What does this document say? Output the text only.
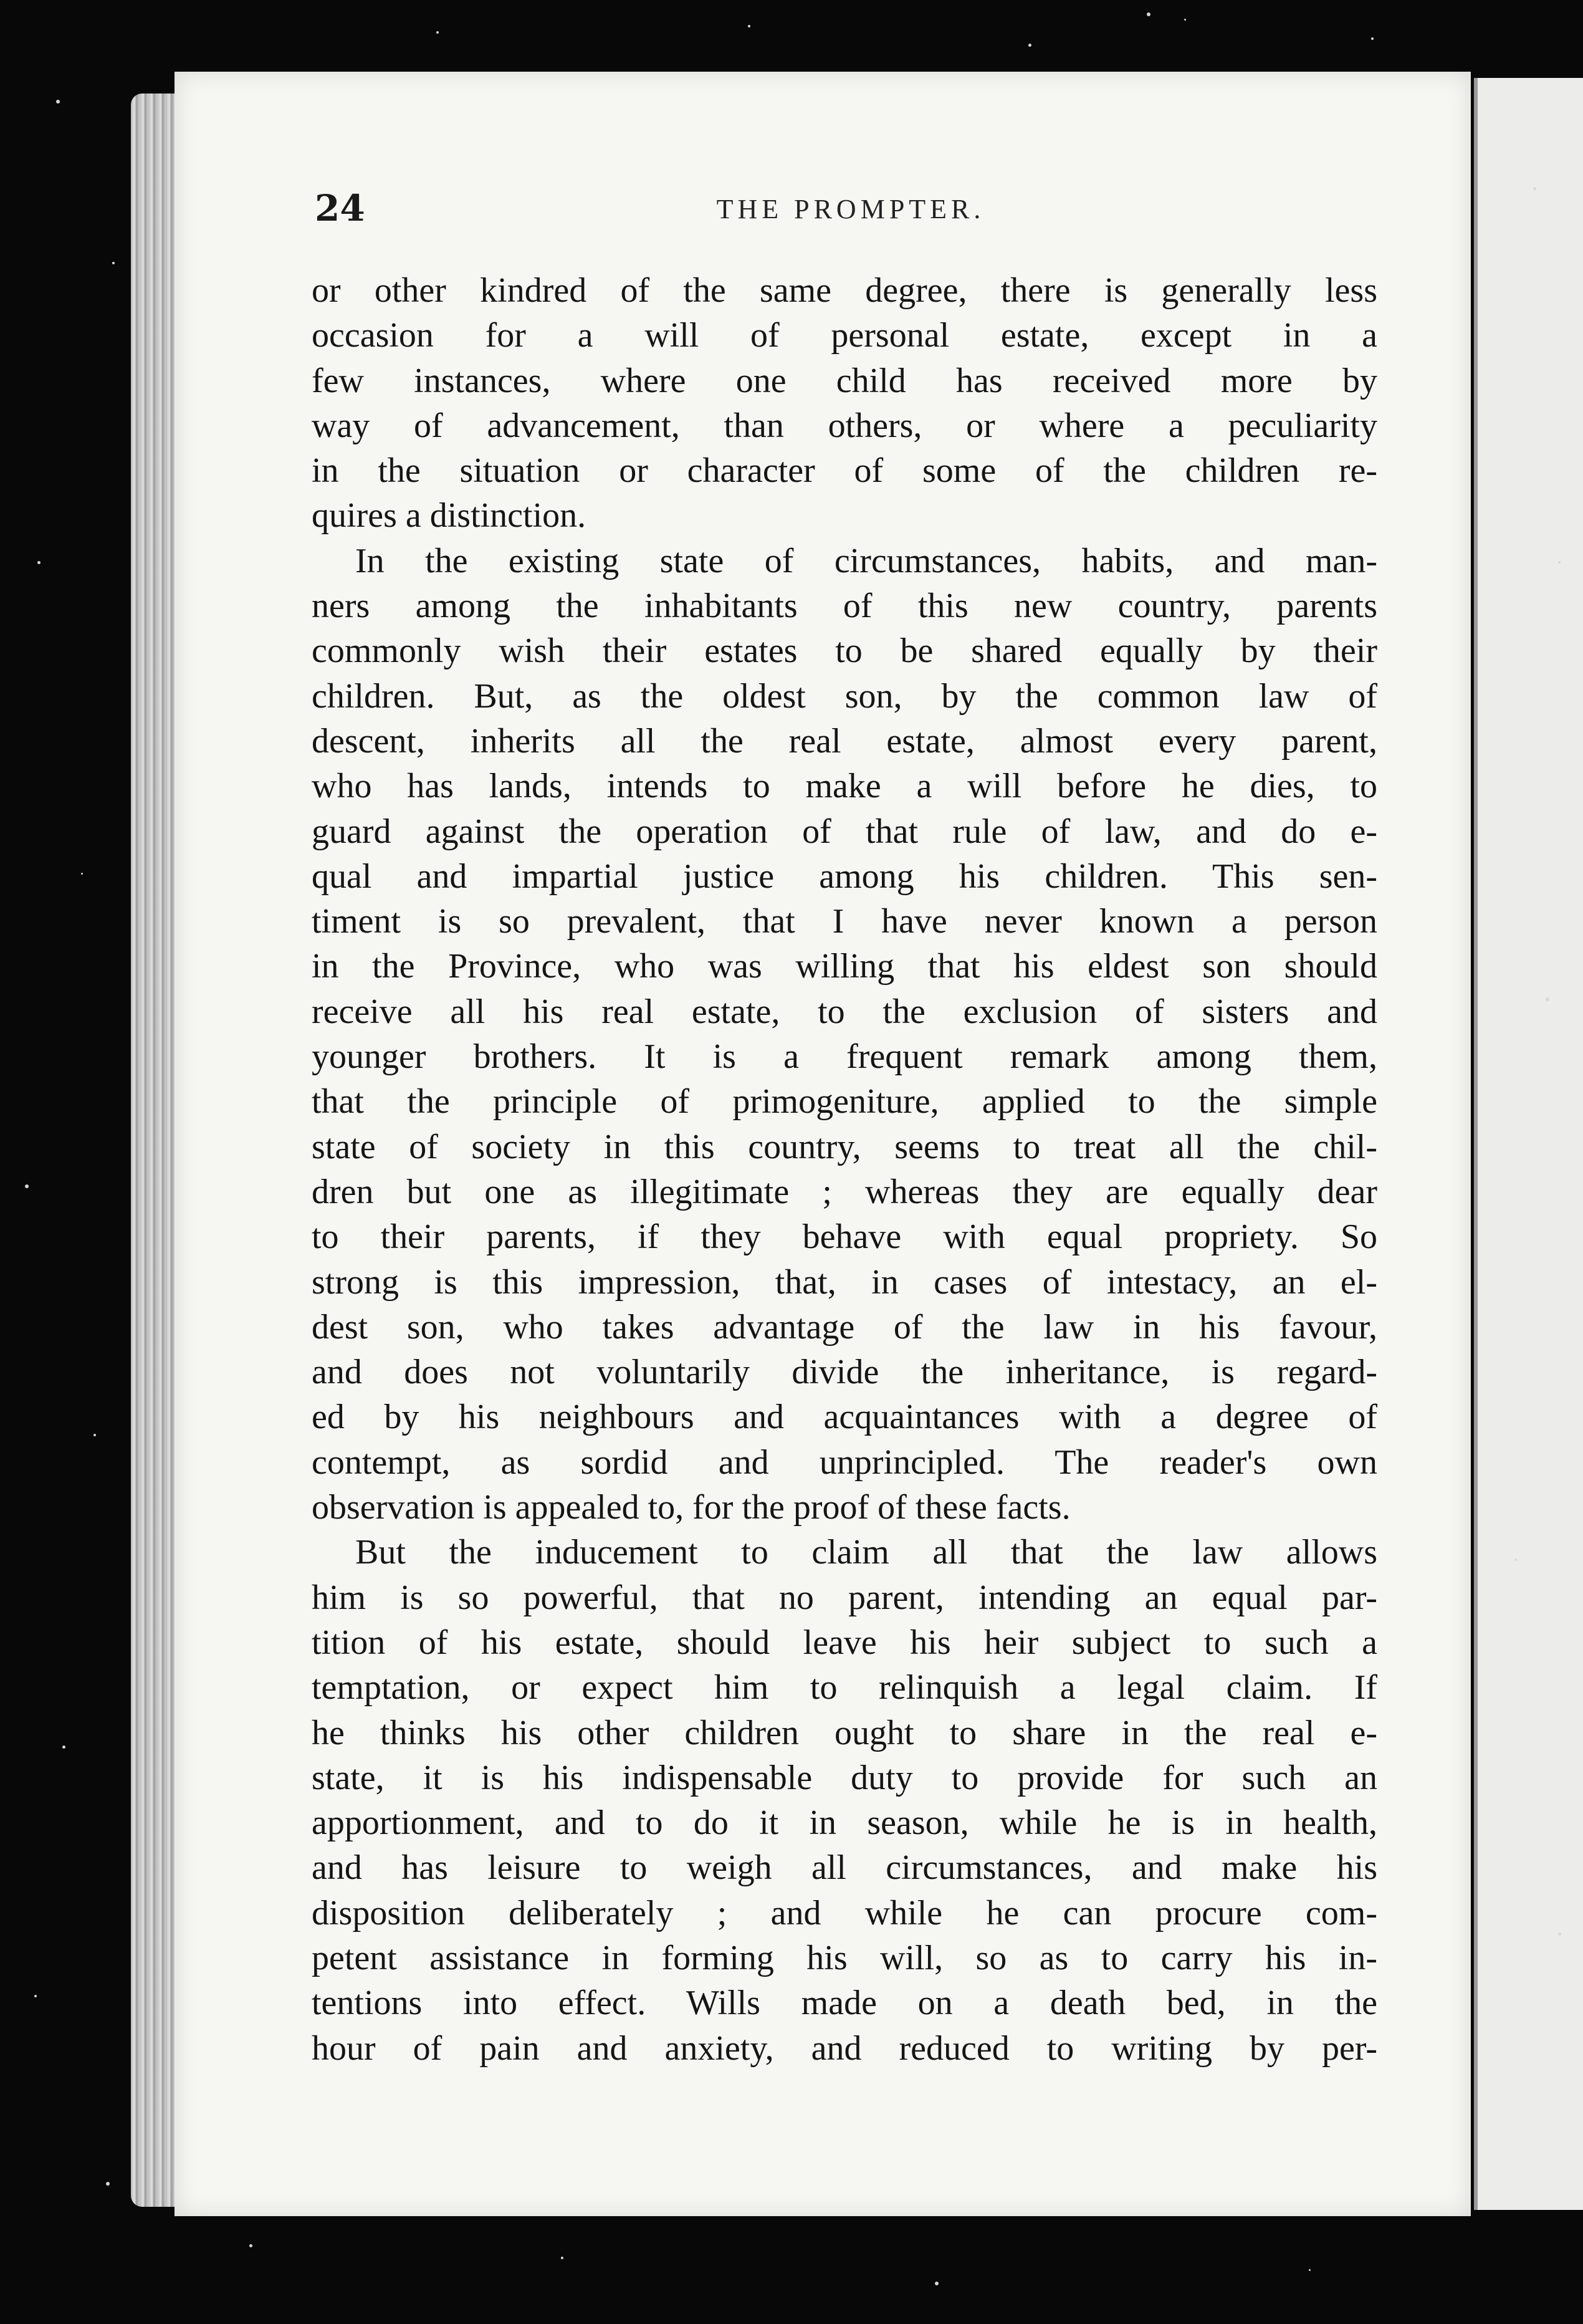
24	THE PROMPTER.
or other kindred of the same degree, there is generally less
occasion for a will of personal estate, except in a
few instances, where one child has received more by
way of advancement, than others, or where a peculiarity
in the situation or character of some of the children re-
quires a distinction.
In the existing state of circumstances, habits, and man-
ners among the inhabitants of this new country, parents
commonly wish their estates to be shared equally by their
children. But, as the oldest son, by the common law of
descent, inherits all the real estate, almost every parent,
who has lands, intends to make a will before he dies, to
guard against the operation of that rule of law, and do e-
qual and impartial justice among his children. This sen-
timent is so prevalent, that I have never known a person
in the Province, who was willing that his eldest son should
receive all his real estate, to the exclusion of sisters and
younger brothers. It is a frequent remark among them,
that the principle of primogeniture, applied to the simple
state of society in this country, seems to treat all the chil-
dren but one as illegitimate ; whereas they are equally dear
to their parents, if they behave with equal propriety. So
strong is this impression, that, in cases of intestacy, an el-
dest son, who takes advantage of the law in his favour,
and does not voluntarily divide the inheritance, is regard-
ed by his neighbours and acquaintances with a degree of
contempt, as sordid and unprincipled. The reader's own
observation is appealed to, for the proof of these facts.
But the inducement to claim all that the law allows
him is so powerful, that no parent, intending an equal par-
tition of his estate, should leave his heir subject to such a
temptation, or expect him to relinquish a legal claim. If
he thinks his other children ought to share in the real e-
state, it is his indispensable duty to provide for such an
apportionment, and to do it in season, while he is in health,
and has leisure to weigh all circumstances, and make his
disposition deliberately ; and while he can procure com-
petent assistance in forming his will, so as to carry his in-
tentions into effect. Wills made on a death bed, in the
hour of pain and anxiety, and reduced to writing by per-
